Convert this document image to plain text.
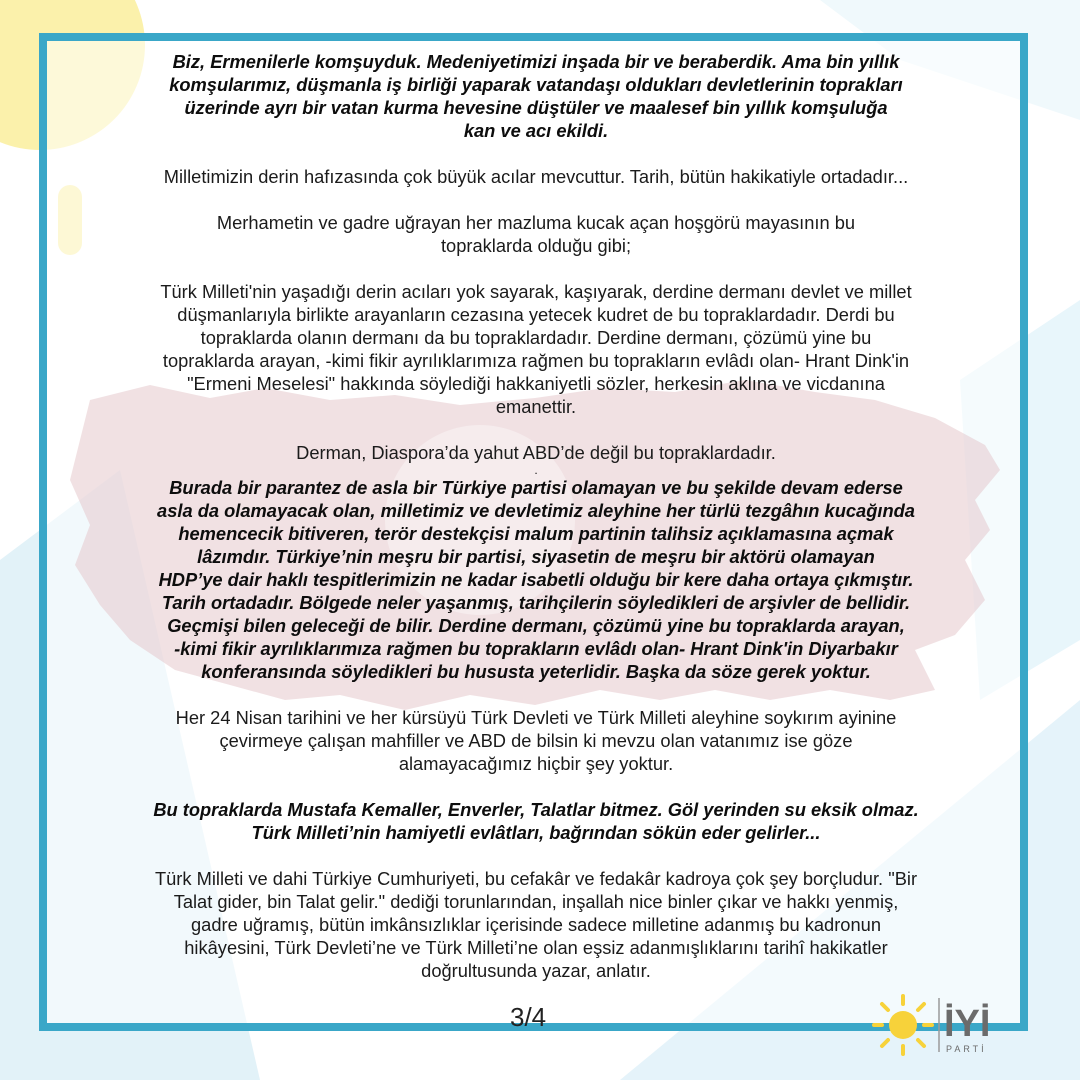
Biz, Ermenilerle komşuyduk. Medeniyetimizi inşada bir ve beraberdik. Ama bin yıllık

komşularımız, düşmanla iş birliği yaparak vatandaşı oldukları devletlerinin toprakları

üzerinde ayrı bir vatan kurma hevesine düştüler ve maalesef bin yıllık komşuluğa

kan ve acı ekildi.

Milletimizin derin hafızasında çok büyük acılar mevcuttur. Tarih, bütün hakikatiyle ortadadır...

Merhametin ve gadre uğrayan her mazluma kucak açan hoşgörü mayasının bu

topraklarda olduğu gibi;

Türk Milleti'nin yaşadığı derin acıları yok sayarak, kaşıyarak, derdine dermanı devlet ve millet

düşmanlarıyla birlikte arayanların cezasına yetecek kudret de bu topraklardadır. Derdi bu

topraklarda olanın dermanı da bu topraklardadır. Derdine dermanı, çözümü yine bu

topraklarda arayan, -kimi fikir ayrılıklarımıza rağmen bu toprakların evlâdı olan- Hrant Dink'in

"Ermeni Meselesi" hakkında söylediği hakkaniyetli sözler, herkesin aklına ve vicdanına

emanettir.

Derman, Diaspora’da yahut ABD’de değil bu topraklardadır.

.

Burada bir parantez de asla bir Türkiye partisi olamayan ve bu şekilde devam ederse

asla da olamayacak olan, milletimiz ve devletimiz aleyhine her türlü tezgâhın kucağında

hemencecik bitiveren, terör destekçisi malum partinin talihsiz açıklamasına açmak

lâzımdır. Türkiye’nin meşru bir partisi, siyasetin de meşru bir aktörü olamayan

HDP’ye dair haklı tespitlerimizin ne kadar isabetli olduğu bir kere daha ortaya çıkmıştır.

Tarih ortadadır. Bölgede neler yaşanmış, tarihçilerin söyledikleri de arşivler de bellidir.

Geçmişi bilen geleceği de bilir. Derdine dermanı, çözümü yine bu topraklarda arayan,

-kimi fikir ayrılıklarımıza rağmen bu toprakların evlâdı olan- Hrant Dink'in Diyarbakır

konferansında söyledikleri bu hususta yeterlidir. Başka da söze gerek yoktur.

Her 24 Nisan tarihini ve her kürsüyü Türk Devleti ve Türk Milleti aleyhine soykırım ayinine

çevirmeye çalışan mahfiller ve ABD de bilsin ki mevzu olan vatanımız ise göze

alamayacağımız hiçbir şey yoktur.

Bu topraklarda Mustafa Kemaller, Enverler, Talatlar bitmez. Göl yerinden su eksik olmaz.

Türk Milleti’nin hamiyetli evlâtları, bağrından sökün eder gelirler...

Türk Milleti ve dahi Türkiye Cumhuriyeti, bu cefakâr ve fedakâr kadroya çok şey borçludur. "Bir

Talat gider, bin Talat gelir." dediği torunlarından, inşallah nice binler çıkar ve hakkı yenmiş,

gadre uğramış, bütün imkânsızlıklar içerisinde sadece milletine adanmış bu kadronun

hikâyesini, Türk Devleti’ne ve Türk Milleti’ne olan eşsiz adanmışlıklarını tarihî hakikatler

doğrultusunda yazar, anlatır.

3/4	İYİ
PARTİ
